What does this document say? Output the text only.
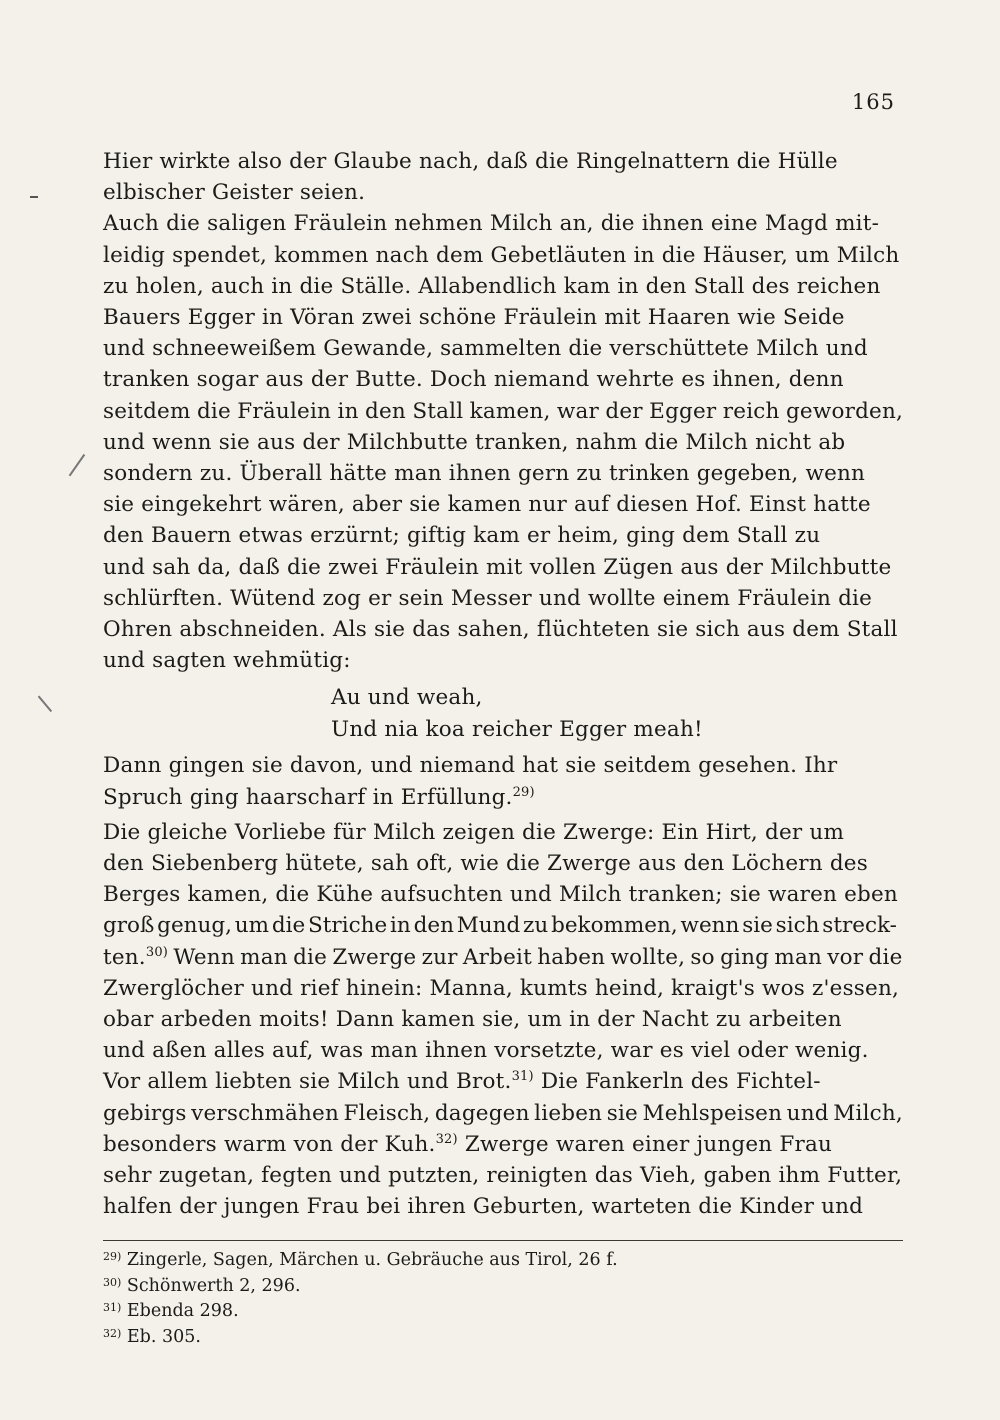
165

Hier wirkte also der Glaube nach, daß die Ringelnattern die Hülle
elbischer Geister seien.

Auch die saligen Fräulein nehmen Milch an, die ihnen eine Magd mit-
leidig spendet, kommen nach dem Gebetläuten in die Häuser, um Milch
zu holen, auch in die Ställe. Allabendlich kam in den Stall des reichen
Bauers Egger in Vöran zwei schöne Fräulein mit Haaren wie Seide
und schneeweißem Gewande, sammelten die verschüttete Milch und
tranken sogar aus der Butte. Doch niemand wehrte es ihnen, denn
seitdem die Fräulein in den Stall kamen, war der Egger reich geworden,
und wenn sie aus der Milchbutte tranken, nahm die Milch nicht ab
sondern zu. Überall hätte man ihnen gern zu trinken gegeben, wenn
sie eingekehrt wären, aber sie kamen nur auf diesen Hof. Einst hatte
den Bauern etwas erzürnt; giftig kam er heim, ging dem Stall zu
und sah da, daß die zwei Fräulein mit vollen Zügen aus der Milchbutte
schlürften. Wütend zog er sein Messer und wollte einem Fräulein die
Ohren abschneiden. Als sie das sahen, flüchteten sie sich aus dem Stall
und sagten wehmütig:

Au und weah,
Und nia koa reicher Egger meah!

Dann gingen sie davon, und niemand hat sie seitdem gesehen. Ihr
Spruch ging haarscharf in Erfüllung.$^{29)}$

Die gleiche Vorliebe für Milch zeigen die Zwerge: Ein Hirt, der um
den Siebenberg hütete, sah oft, wie die Zwerge aus den Löchern des
Berges kamen, die Kühe aufsuchten und Milch tranken; sie waren eben
groß genug, um die Striche in den Mund zu bekommen, wenn sie sich streck-
ten.$^{30)}$ Wenn man die Zwerge zur Arbeit haben wollte, so ging man vor die
Zwerglöcher und rief hinein: Manna, kumts heind, kraigt's wos z'essen,
obar arbeden moits! Dann kamen sie, um in der Nacht zu arbeiten
und aßen alles auf, was man ihnen vorsetzte, war es viel oder wenig.
Vor allem liebten sie Milch und Brot.$^{31)}$ Die Fankerln des Fichtel-
gebirgs verschmähen Fleisch, dagegen lieben sie Mehlspeisen und Milch,
besonders warm von der Kuh.$^{32)}$ Zwerge waren einer jungen Frau
sehr zugetan, fegten und putzten, reinigten das Vieh, gaben ihm Futter,
halfen der jungen Frau bei ihren Geburten, warteten die Kinder und

$^{29)}$ Zingerle, Sagen, Märchen u. Gebräuche aus Tirol, 26 f.
$^{30)}$ Schönwerth 2, 296.
$^{31)}$ Ebenda 298.
$^{32)}$ Eb. 305.
